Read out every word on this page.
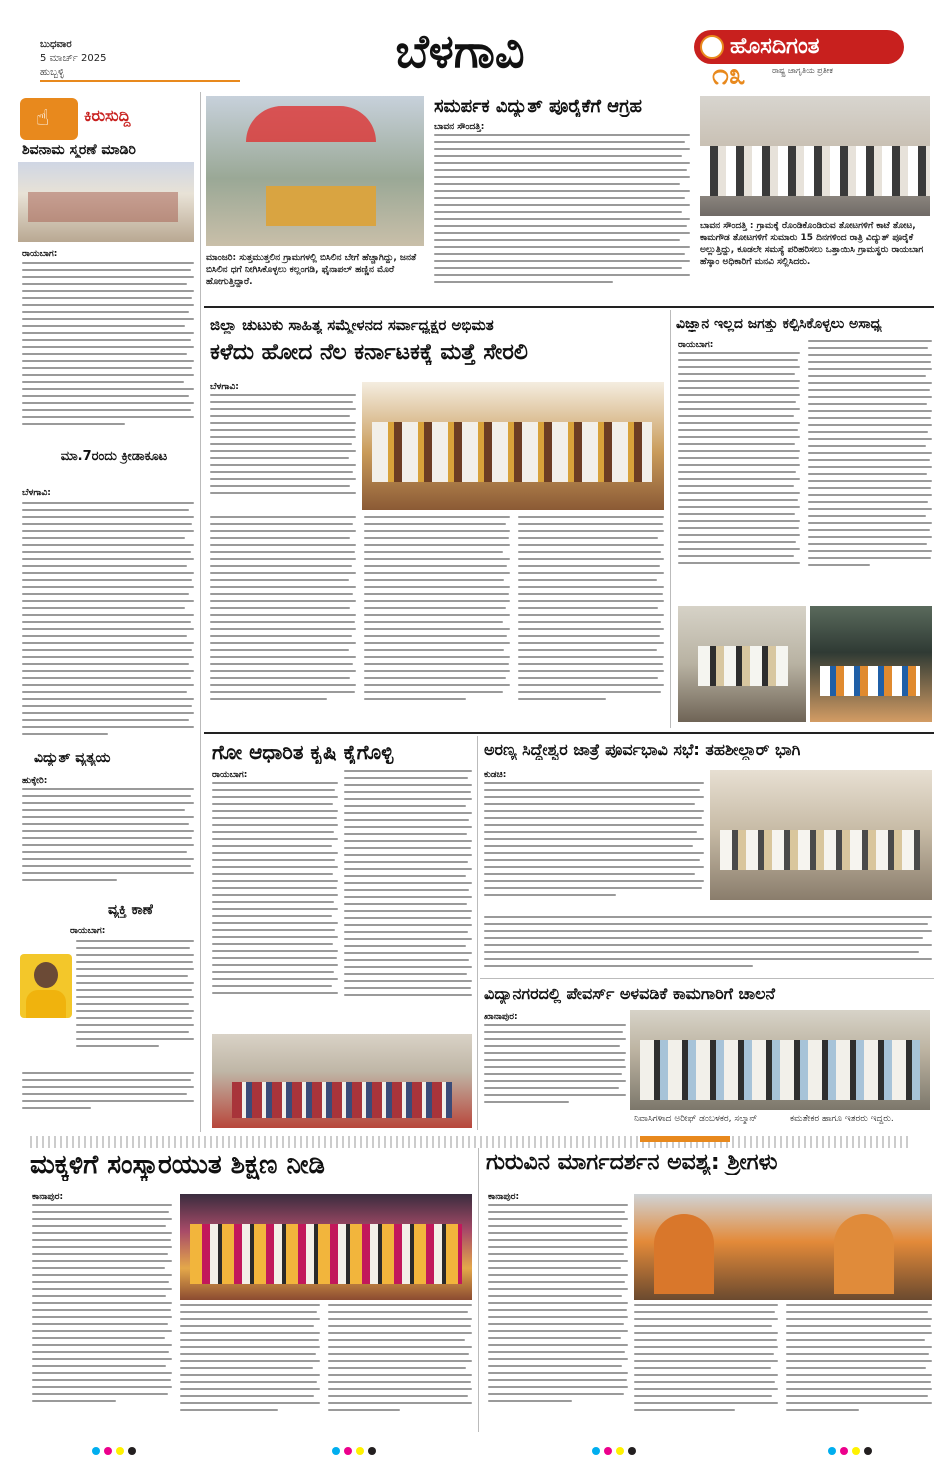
ಬುಧವಾರ
5 ಮಾರ್ಚ್ 2025
ಹುಬ್ಬಳ್ಳಿ	ಬೆಳಗಾವಿ	ಹೊಸದಿಗಂತ
ರಾಷ್ಟ್ರ ಜಾಗೃತಿಯ ಪ್ರತೀಕ
೧೩
☝ ಕಿರುಸುದ್ದಿ
ಶಿವನಾಮ ಸ್ಮರಣೆ ಮಾಡಿರಿ
ರಾಯಬಾಗ:
ಮಾ.7ರಂದು ಕ್ರೀಡಾಕೂಟ
ಬೆಳಗಾವಿ:
ವಿದ್ಯುತ್ ವ್ಯತ್ಯಯ
ಹುಕ್ಕೇರಿ:
ವ್ಯಕ್ತಿ ಕಾಣೆ
ರಾಯಬಾಗ:
ಮಾಂಜರಿ: ಸುತ್ತಮುತ್ತಲಿನ ಗ್ರಾಮಗಳಲ್ಲಿ ಬಿಸಿಲಿನ ಬೇಗೆ ಹೆಚ್ಚಾಗಿದ್ದು, ಜನತೆ ಬಿಸಿಲಿನ ಧಗೆ ನೀಗಿಸಿಕೊಳ್ಳಲು ಕಲ್ಲಂಗಡಿ, ಫೈನಾಪಲ್ ಹಣ್ಣಿನ ಮೊರೆ ಹೋಗುತ್ತಿದ್ದಾರೆ.
ಸಮರ್ಪಕ ವಿದ್ಯುತ್ ಪೂರೈಕೆಗೆ ಆಗ್ರಹ
ಬಾವನ ಸೌಂದತ್ತಿ:
ಬಾವನ ಸೌಂದತ್ತಿ : ಗ್ರಾಮಕ್ಕೆ ರೊಂಡಿಕೊಂಡಿರುವ ತೋಟಗಳಿಗೆ ಕಾಟೆ ತೋಟ, ಕಾಮಗೌಡ ತೋಟಗಳಿಗೆ ಸುಮಾರು 15 ದಿನಗಳಿಂದ ರಾತ್ರಿ ವಿದ್ಯುತ್ ಪೂರೈಕೆ ಅಲ್ಲುತ್ತಿದ್ದು, ಕೂಡಲೇ ಸಮಸ್ಯೆ ಪರಿಹರಿಸಲು ಒತ್ತಾಯಿಸಿ ಗ್ರಾಮಸ್ಥರು ರಾಯಬಾಗ ಹೆಸ್ಕಾಂ ಅಧಿಕಾರಿಗೆ ಮನವಿ ಸಲ್ಲಿಸಿದರು.
ಜಿಲ್ಲಾ ಚುಟುಕು ಸಾಹಿತ್ಯ ಸಮ್ಮೇಳನದ ಸರ್ವಾಧ್ಯಕ್ಷರ ಅಭಿಮತ
ಕಳೆದು ಹೋದ ನೆಲ ಕರ್ನಾಟಕಕ್ಕೆ ಮತ್ತೆ ಸೇರಲಿ
ಬೆಳಗಾವಿ:
ವಿಜ್ಞಾನ ಇಲ್ಲದ ಜಗತ್ತು ಕಲ್ಪಿಸಿಕೊಳ್ಳಲು ಅಸಾಧ್ಯ
ರಾಯಬಾಗ:
ಗೋ ಆಧಾರಿತ ಕೃಷಿ ಕೈಗೊಳ್ಳಿ
ರಾಯಬಾಗ:
ಅರಣ್ಯ ಸಿದ್ದೇಶ್ವರ ಜಾತ್ರೆ ಪೂರ್ವಭಾವಿ ಸಭೆ: ತಹಶೀಲ್ದಾರ್ ಭಾಗಿ
ಕುಡಚಿ:
ವಿದ್ಯಾನಗರದಲ್ಲಿ ಪೇವರ್ಸ್ ಅಳವಡಿಕೆ ಕಾಮಗಾರಿಗೆ ಚಾಲನೆ
ಖಾನಾಪುರ:
ನಿವಾಸಿಗಳಾದ ಅರೀಫ್ ಡಂಬಳಕರ, ಸಲ್ಮಾನ್	ಕಮತೇಕರ ಹಾಗೂ ಇತರರು ಇದ್ದರು.
ಮಕ್ಕಳಿಗೆ ಸಂಸ್ಕಾರಯುತ ಶಿಕ್ಷಣ ನೀಡಿ
ಕಾನಾಪುರ:
ಗುರುವಿನ ಮಾರ್ಗದರ್ಶನ ಅವಶ್ಯ: ಶ್ರೀಗಳು
ಕಾನಾಪುರ:
